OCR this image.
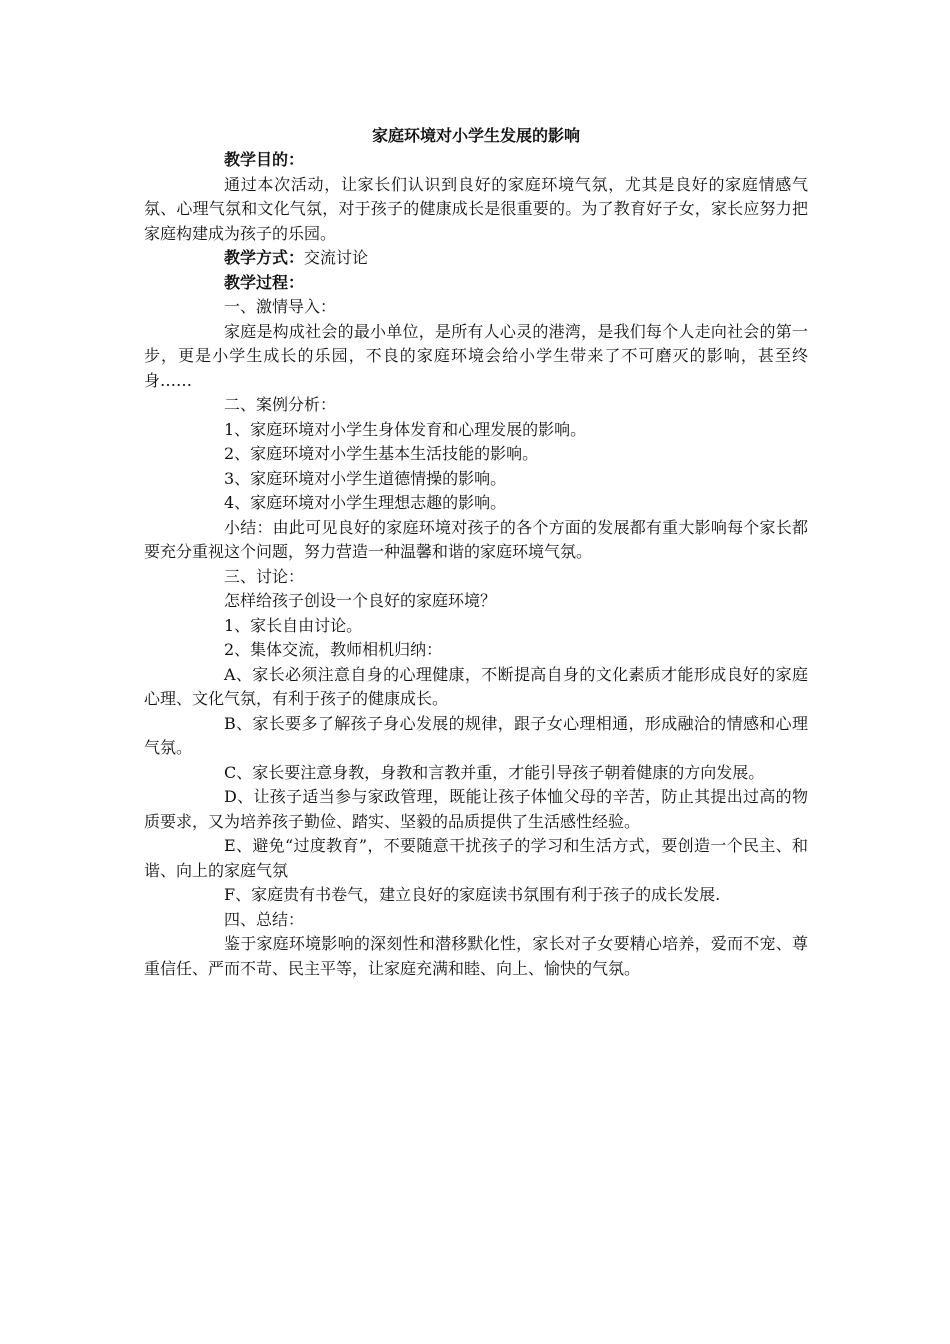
家庭环境对小学生发展的影响

教学目的：

通过本次活动，让家长们认识到良好的家庭环境气氛，尤其是良好的家庭情感气氛、心理气氛和文化气氛，对于孩子的健康成长是很重要的。为了教育好子女，家长应努力把家庭构建成为孩子的乐园。

教学方式：交流讨论

教学过程：

一、激情导入：

家庭是构成社会的最小单位，是所有人心灵的港湾，是我们每个人走向社会的第一步，更是小学生成长的乐园，不良的家庭环境会给小学生带来了不可磨灭的影响，甚至终身……

二、案例分析：

1、家庭环境对小学生身体发育和心理发展的影响。

2、家庭环境对小学生基本生活技能的影响。

3、家庭环境对小学生道德情操的影响。

4、家庭环境对小学生理想志趣的影响。

小结：由此可见良好的家庭环境对孩子的各个方面的发展都有重大影响每个家长都要充分重视这个问题，努力营造一种温馨和谐的家庭环境气氛。

三、讨论：

怎样给孩子创设一个良好的家庭环境？

1、家长自由讨论。

2、集体交流，教师相机归纳：

A、家长必须注意自身的心理健康，不断提高自身的文化素质才能形成良好的家庭心理、文化气氛，有利于孩子的健康成长。

B、家长要多了解孩子身心发展的规律，跟子女心理相通，形成融洽的情感和心理气氛。

C、家长要注意身教，身教和言教并重，才能引导孩子朝着健康的方向发展。

D、让孩子适当参与家政管理，既能让孩子体恤父母的辛苦，防止其提出过高的物质要求，又为培养孩子勤俭、踏实、坚毅的品质提供了生活感性经验。

E、避免“过度教育”，不要随意干扰孩子的学习和生活方式，要创造一个民主、和谐、向上的家庭气氛

F、家庭贵有书卷气，建立良好的家庭读书氛围有利于孩子的成长发展.

四、总结：

鉴于家庭环境影响的深刻性和潜移默化性，家长对子女要精心培养，爱而不宠、尊重信任、严而不苛、民主平等，让家庭充满和睦、向上、愉快的气氛。
